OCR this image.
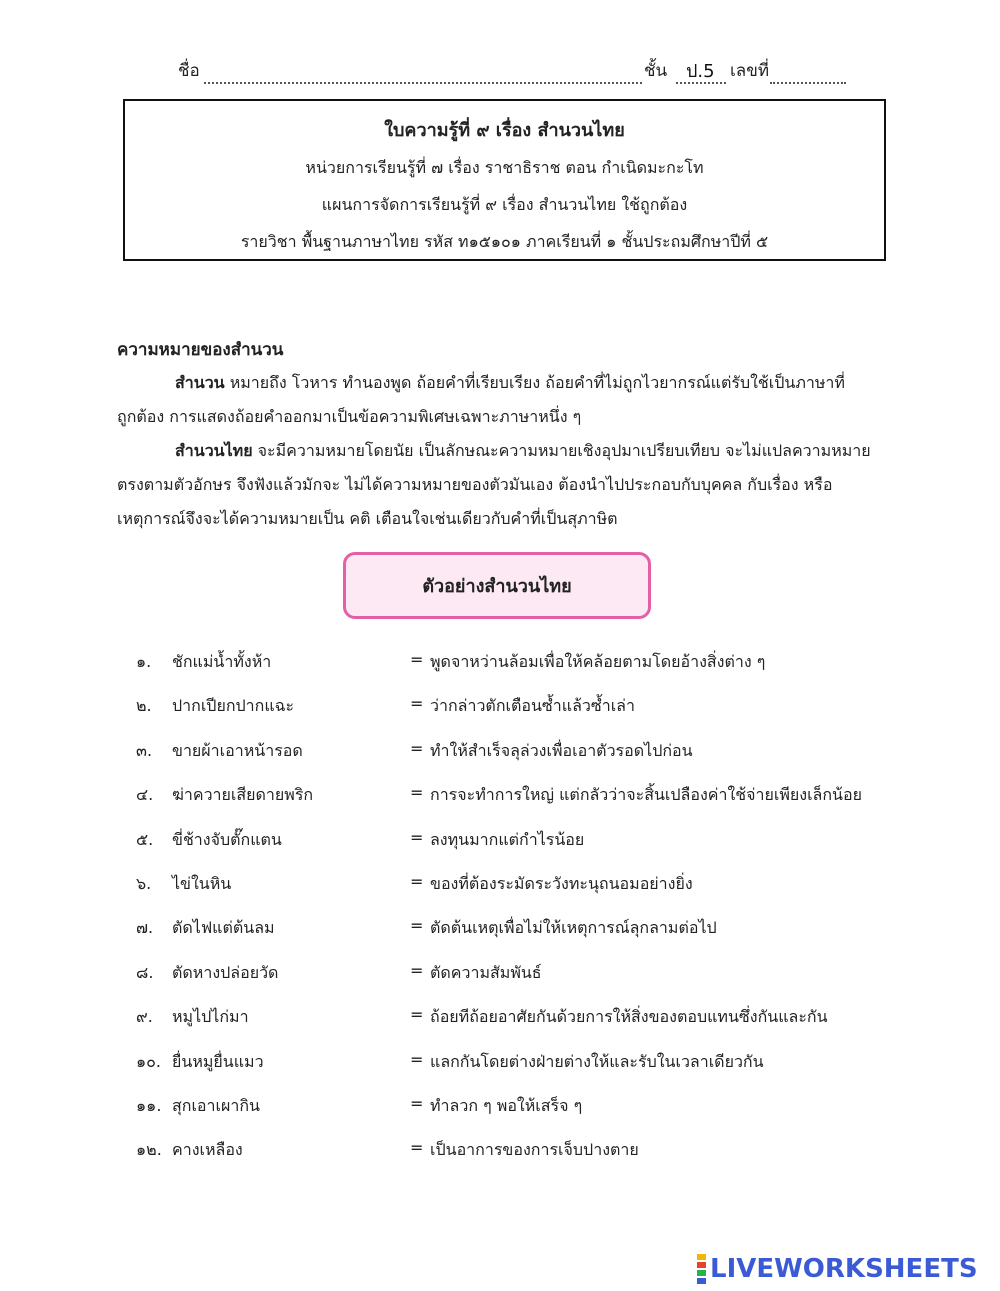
ชื่อ	ชั้น	เลขที่
ป.5
ใบความรู้ที่ ๙ เรื่อง สำนวนไทย
หน่วยการเรียนรู้ที่ ๗ เรื่อง ราชาธิราช ตอน กำเนิดมะกะโท
แผนการจัดการเรียนรู้ที่ ๙ เรื่อง สำนวนไทย ใช้ถูกต้อง
รายวิชา พื้นฐานภาษาไทย รหัส ท๑๕๑๐๑ ภาคเรียนที่ ๑ ชั้นประถมศึกษาปีที่ ๕
ความหมายของสำนวน
สำนวน หมายถึง โวหาร ทำนองพูด ถ้อยคำที่เรียบเรียง ถ้อยคำที่ไม่ถูกไวยากรณ์แต่รับใช้เป็นภาษาที่
ถูกต้อง การแสดงถ้อยคำออกมาเป็นข้อความพิเศษเฉพาะภาษาหนึ่ง ๆ
สำนวนไทย จะมีความหมายโดยนัย เป็นลักษณะความหมายเชิงอุปมาเปรียบเทียบ จะไม่แปลความหมาย
ตรงตามตัวอักษร จึงฟังแล้วมักจะ ไม่ได้ความหมายของตัวมันเอง ต้องนำไปประกอบกับบุคคล กับเรื่อง หรือ
เหตุการณ์จึงจะได้ความหมายเป็น คติ เตือนใจเช่นเดียวกับคำที่เป็นสุภาษิต
ตัวอย่างสำนวนไทย
๑. ชักแม่น้ำทั้งห้า	= พูดจาหว่านล้อมเพื่อให้คล้อยตามโดยอ้างสิ่งต่าง ๆ
๒. ปากเปียกปากแฉะ	= ว่ากล่าวตักเตือนซ้ำแล้วซ้ำเล่า
๓. ขายผ้าเอาหน้ารอด	= ทำให้สำเร็จลุล่วงเพื่อเอาตัวรอดไปก่อน
๔. ฆ่าควายเสียดายพริก	= การจะทำการใหญ่ แต่กลัวว่าจะสิ้นเปลืองค่าใช้จ่ายเพียงเล็กน้อย
๕. ขี่ช้างจับตั๊กแตน	= ลงทุนมากแต่กำไรน้อย
๖. ไข่ในหิน	= ของที่ต้องระมัดระวังทะนุถนอมอย่างยิ่ง
๗. ตัดไฟแต่ต้นลม	= ตัดต้นเหตุเพื่อไม่ให้เหตุการณ์ลุกลามต่อไป
๘. ตัดหางปล่อยวัด	= ตัดความสัมพันธ์
๙. หมูไปไก่มา	= ถ้อยทีถ้อยอาศัยกันด้วยการให้สิ่งของตอบแทนซึ่งกันและกัน
๑๐. ยื่นหมูยื่นแมว	= แลกกันโดยต่างฝ่ายต่างให้และรับในเวลาเดียวกัน
๑๑. สุกเอาเผากิน	= ทำลวก ๆ พอให้เสร็จ ๆ
๑๒. คางเหลือง	= เป็นอาการของการเจ็บปางตาย
LIVEWORKSHEETS
